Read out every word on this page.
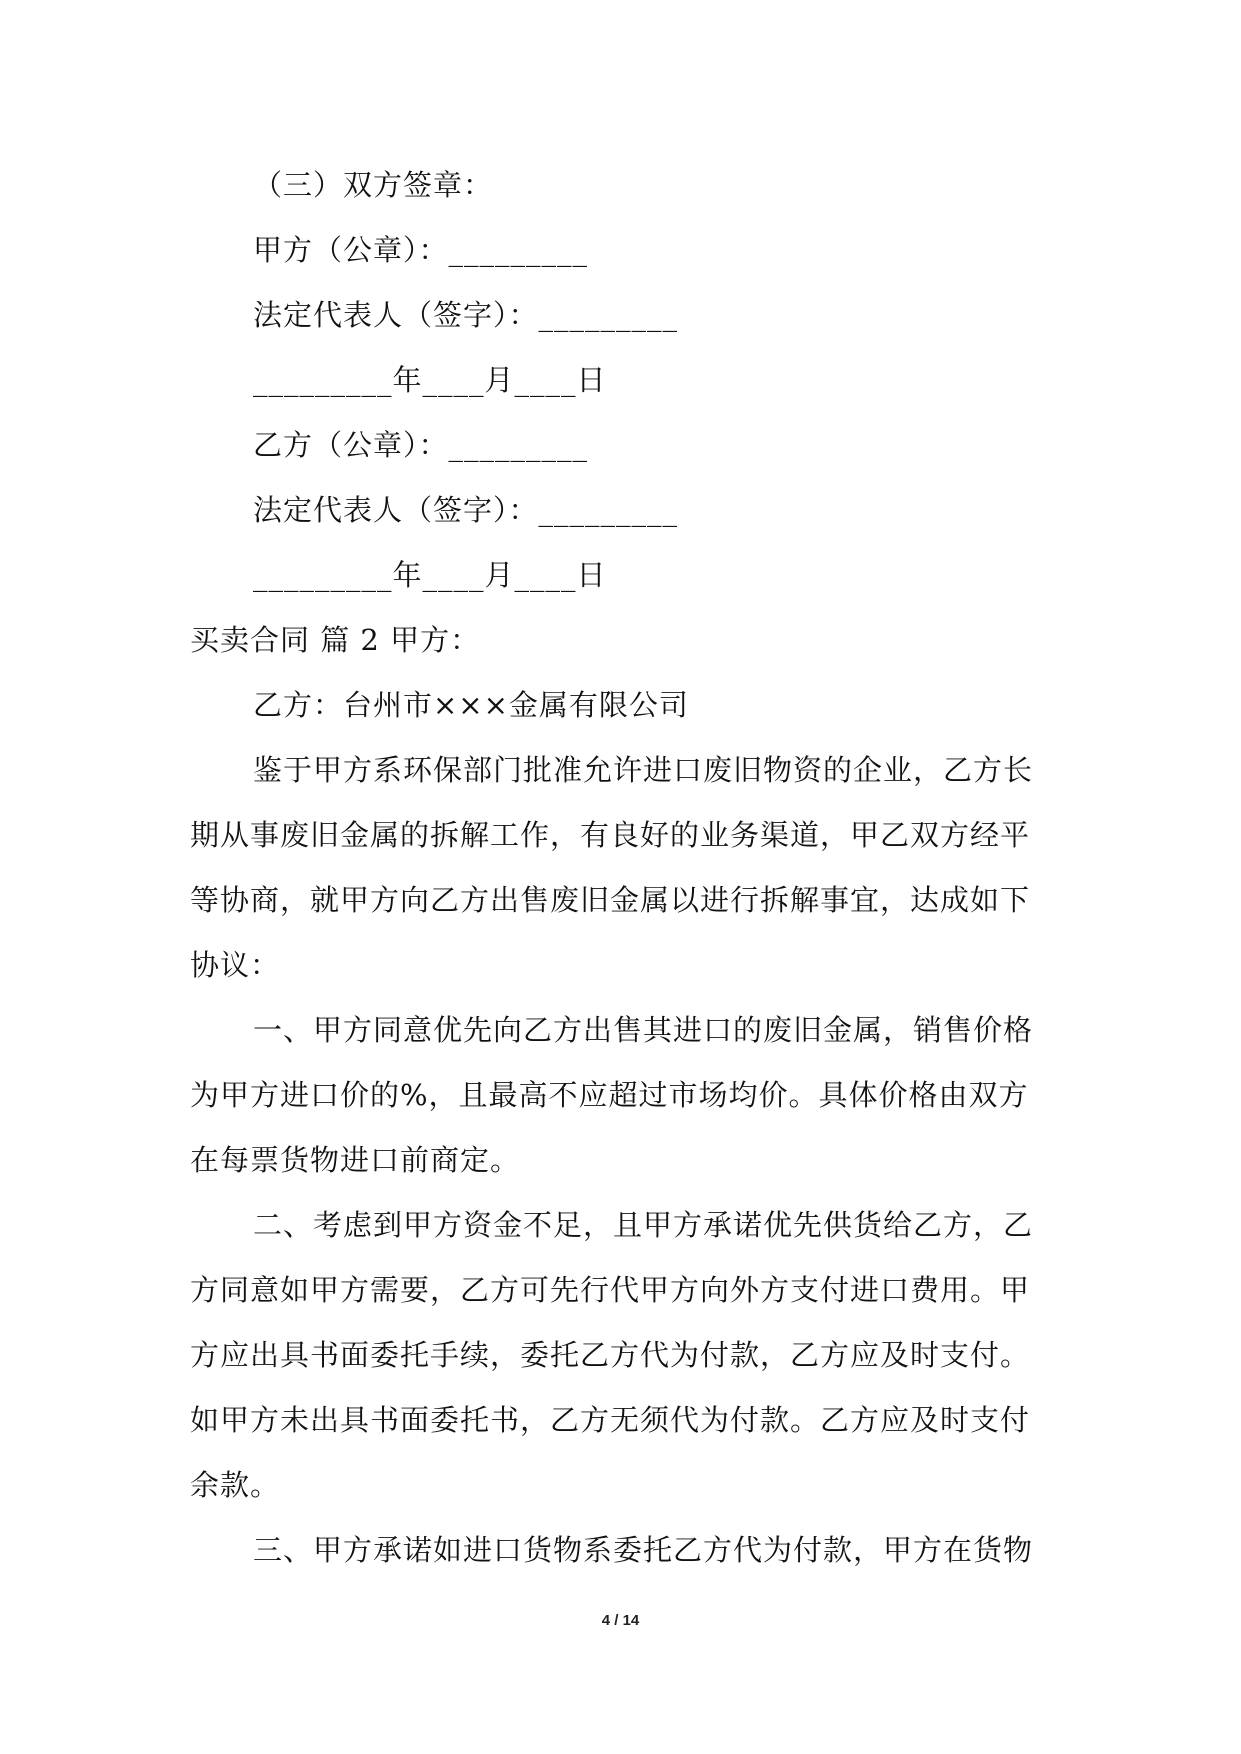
（三）双方签章：
甲方（公章）：_________
法定代表人（签字）：_________
_________年____月____日
乙方（公章）：_________
法定代表人（签字）：_________
_________年____月____日
买卖合同 篇 2 甲方：
乙方：台州市×××金属有限公司
鉴于甲方系环保部门批准允许进口废旧物资的企业，乙方长
期从事废旧金属的拆解工作，有良好的业务渠道，甲乙双方经平
等协商，就甲方向乙方出售废旧金属以进行拆解事宜，达成如下
协议：
一、甲方同意优先向乙方出售其进口的废旧金属，销售价格
为甲方进口价的%，且最高不应超过市场均价。具体价格由双方
在每票货物进口前商定。
二、考虑到甲方资金不足，且甲方承诺优先供货给乙方，乙
方同意如甲方需要，乙方可先行代甲方向外方支付进口费用。甲
方应出具书面委托手续，委托乙方代为付款，乙方应及时支付。
如甲方未出具书面委托书，乙方无须代为付款。乙方应及时支付
余款。
三、甲方承诺如进口货物系委托乙方代为付款，甲方在货物
4 / 14
